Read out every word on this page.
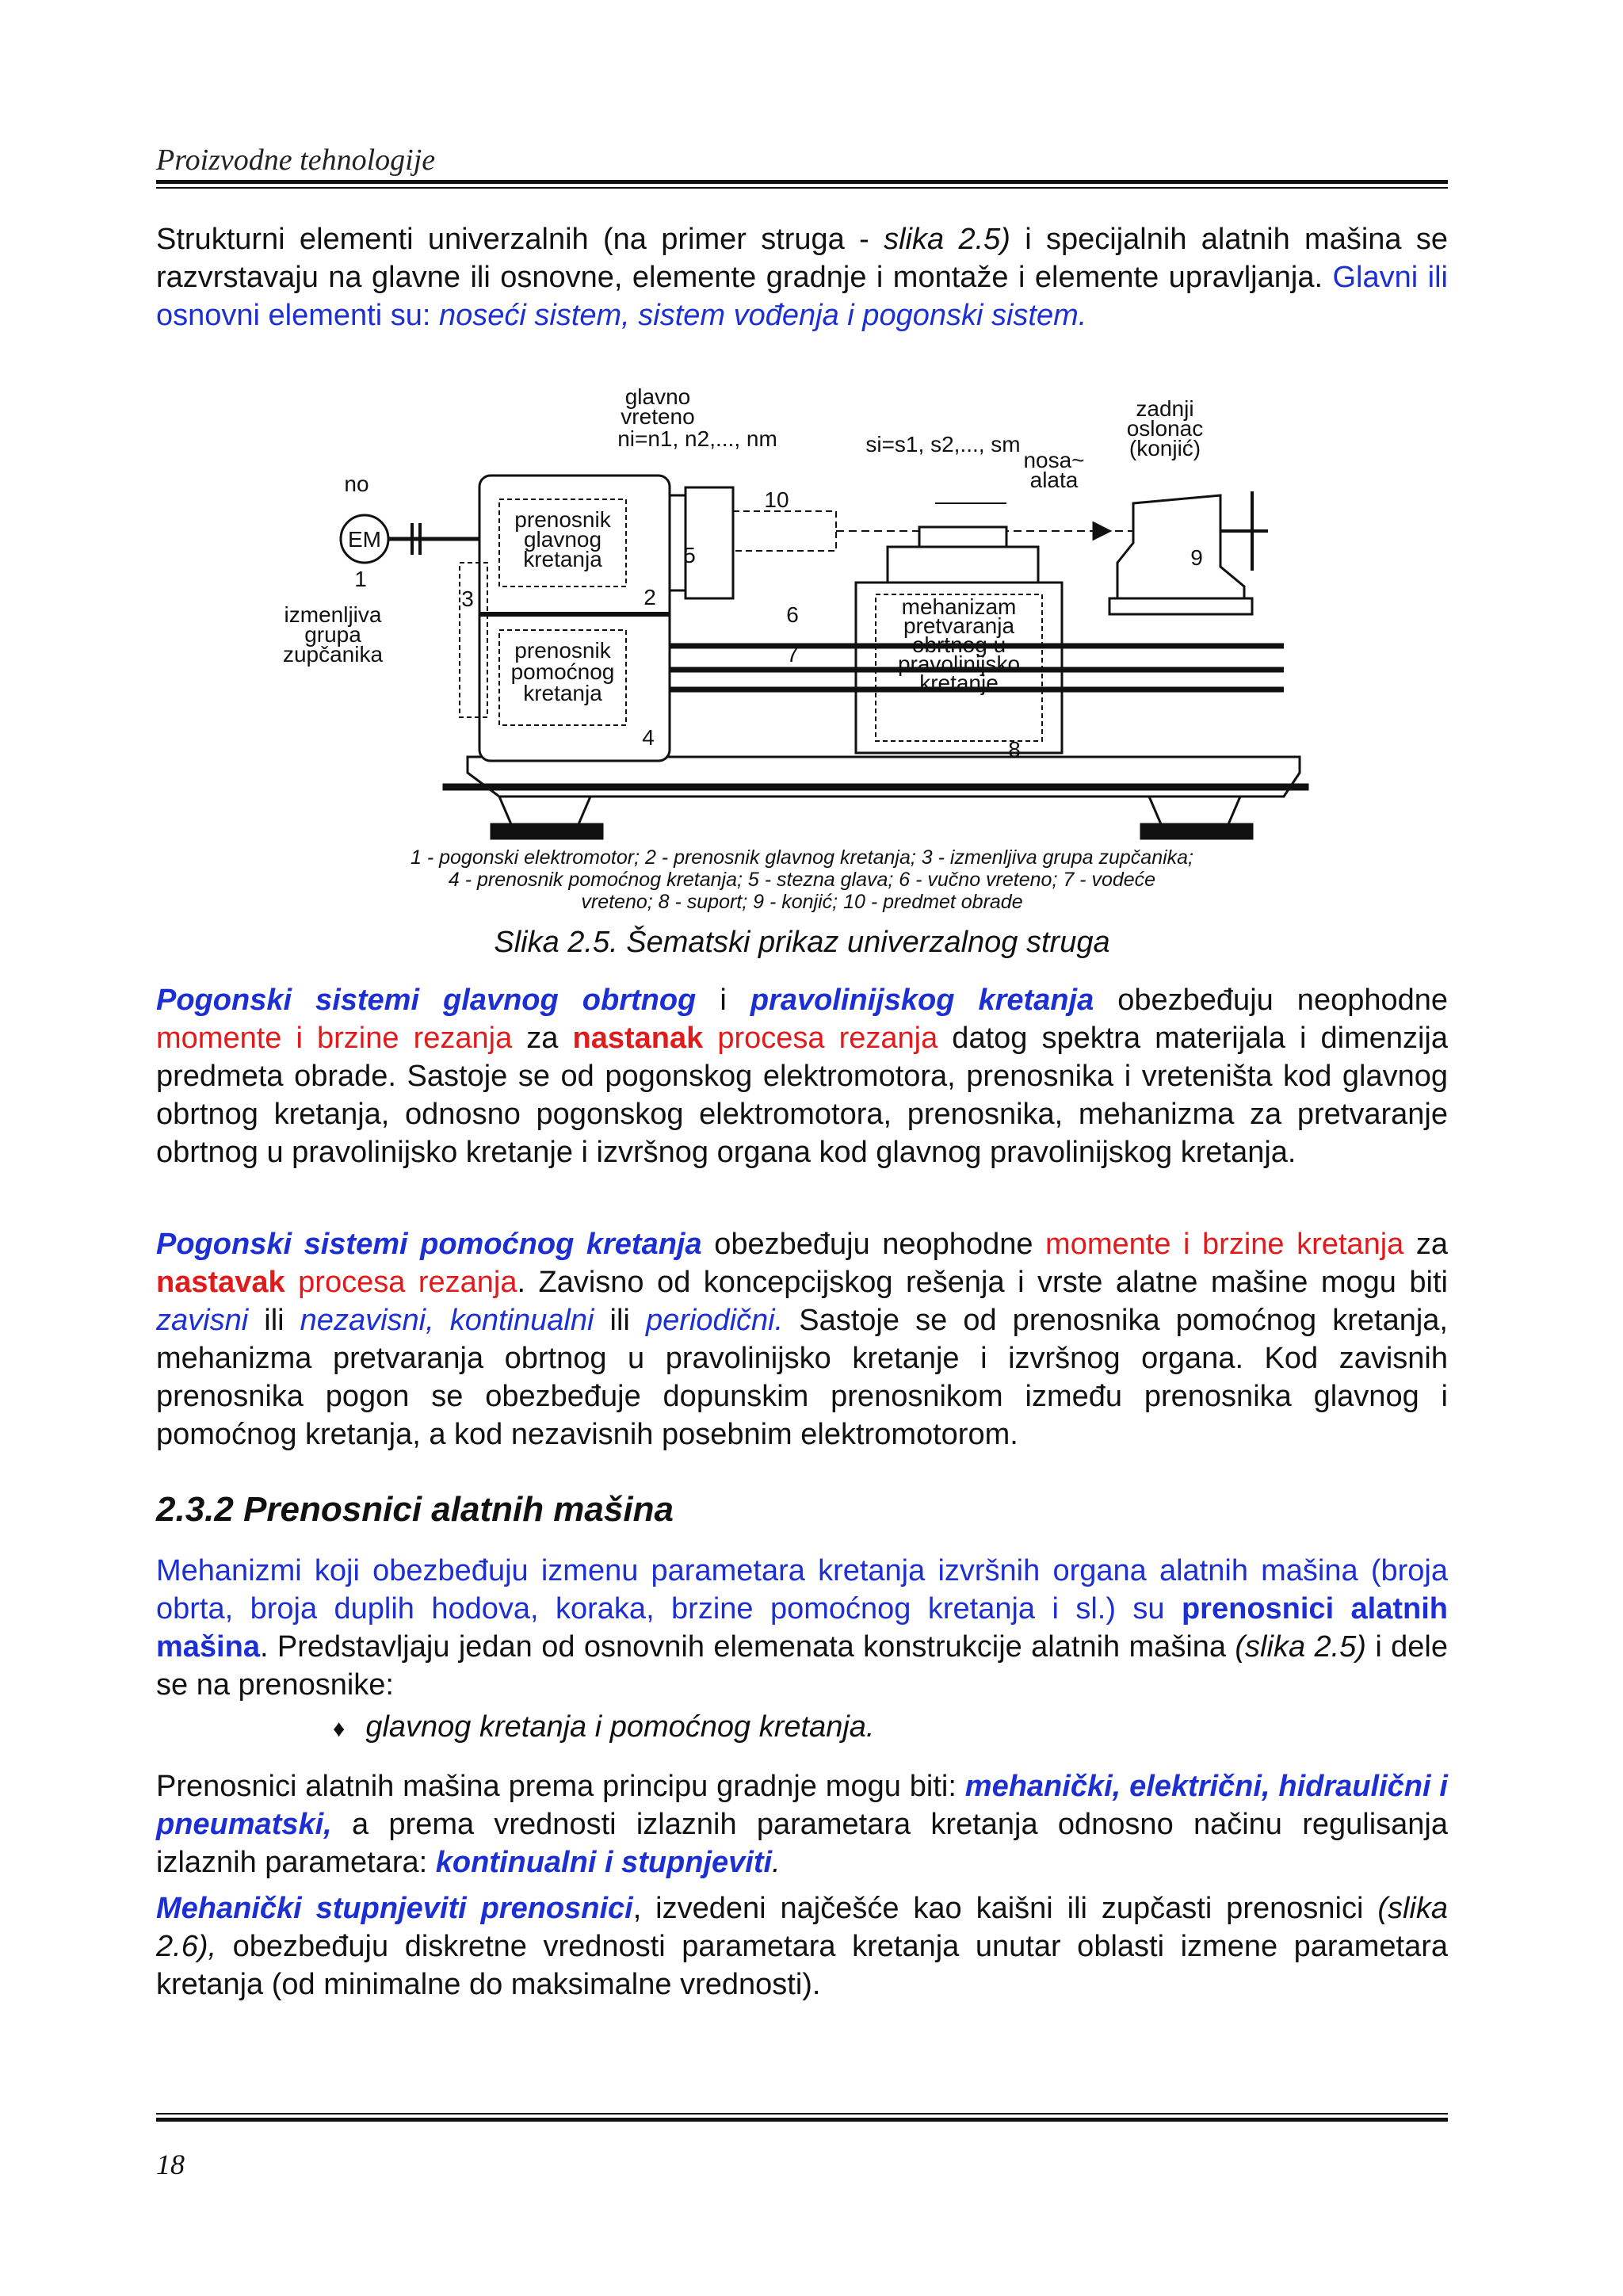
Proizvodne tehnologije

Strukturni elementi univerzalnih (na primer struga - slika 2.5) i specijalnih alatnih mašina se razvrstavaju na glavne ili osnovne, elemente gradnje i montaže i elemente upravljanja. Glavni ili osnovni elementi su: noseći sistem, sistem vođenja i pogonski sistem.

glavno
vreteno
ni=n1, n2,..., nm	si=s1, s2,..., sm
zadnji
oslonac
(konjić)
nosa~
alata
no
EM
prenosnik
glavnog
kretanja
prenosnik
pomoćnog
kretanja
mehanizam
pretvaranja
obrtnog u
pravolinijsko
kretanje
izmenljiva
grupa
zupčanika
1
2
3
4
5
6
7
8
9
10
1 - pogonski elektromotor; 2 - prenosnik glavnog kretanja; 3 - izmenljiva grupa zupčanika;
4 - prenosnik pomoćnog kretanja; 5 - stezna glava; 6 - vučno vreteno; 7 - vodeće
vreteno; 8 - suport; 9 - konjić; 10 - predmet obrade
Slika 2.5. Šematski prikaz univerzalnog struga

Pogonski sistemi glavnog obrtnog i pravolinijskog kretanja obezbeđuju neophodne momente i brzine rezanja za nastanak procesa rezanja datog spektra materijala i dimenzija predmeta obrade. Sastoje se od pogonskog elektromotora, prenosnika i vreteništa kod glavnog obrtnog kretanja, odnosno pogonskog elektromotora, prenosnika, mehanizma za pretvaranje obrtnog u pravolinijsko kretanje i izvršnog organa kod glavnog pravolinijskog kretanja.

Pogonski sistemi pomoćnog kretanja obezbeđuju neophodne momente i brzine kretanja za nastavak procesa rezanja. Zavisno od koncepcijskog rešenja i vrste alatne mašine mogu biti zavisni ili nezavisni, kontinualni ili periodični. Sastoje se od prenosnika pomoćnog kretanja, mehanizma pretvaranja obrtnog u pravolinijsko kretanje i izvršnog organa. Kod zavisnih prenosnika pogon se obezbeđuje dopunskim prenosnikom između prenosnika glavnog i pomoćnog kretanja, a kod nezavisnih posebnim elektromotorom.

2.3.2 Prenosnici alatnih mašina

Mehanizmi koji obezbeđuju izmenu parametara kretanja izvršnih organa alatnih mašina (broja obrta, broja duplih hodova, koraka, brzine pomoćnog kretanja i sl.) su prenosnici alatnih mašina. Predstavljaju jedan od osnovnih elemenata konstrukcije alatnih mašina (slika 2.5) i dele se na prenosnike:

♦ glavnog kretanja i pomoćnog kretanja.

Prenosnici alatnih mašina prema principu gradnje mogu biti: mehanički, električni, hidraulični i pneumatski, a prema vrednosti izlaznih parametara kretanja odnosno načinu regulisanja izlaznih parametara: kontinualni i stupnjeviti.

Mehanički stupnjeviti prenosnici, izvedeni najčešće kao kaišni ili zupčasti prenosnici (slika 2.6), obezbeđuju diskretne vrednosti parametara kretanja unutar oblasti izmene parametara kretanja (od minimalne do maksimalne vrednosti).

18
